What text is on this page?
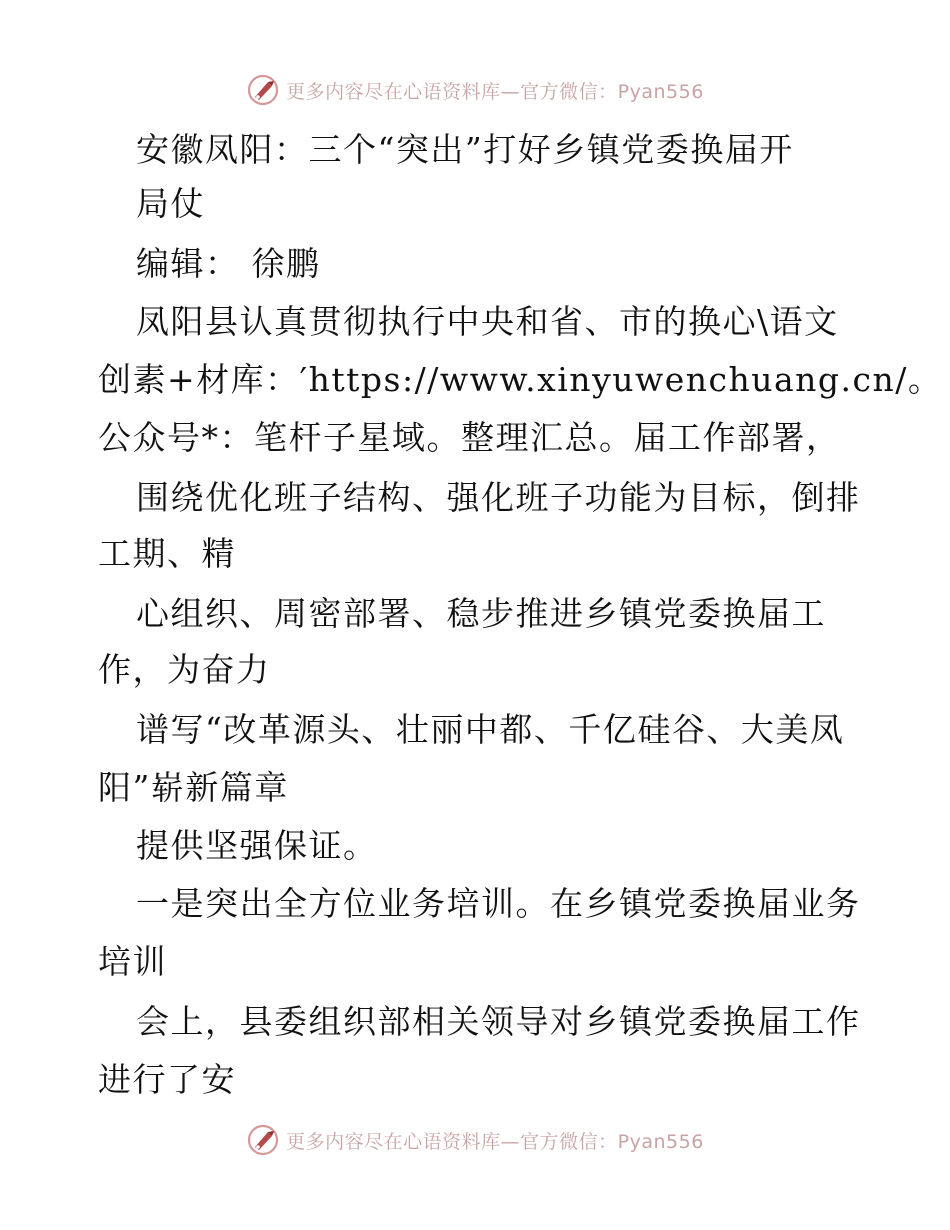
更多内容尽在心语资料库—官方微信：Pyan556
安徽凤阳：三个“突出”打好乡镇党委换届开
局仗
编辑： 徐鹏
凤阳县认真贯彻执行中央和省、市的换心\语文
创素+材库：′https://www.xinyuwenchuang.cn/。
公众号*：笔杆子星域。整理汇总。届工作部署，
围绕优化班子结构、强化班子功能为目标，倒排
工期、精
心组织、周密部署、稳步推进乡镇党委换届工
作，为奋力
谱写“改革源头、壮丽中都、千亿硅谷、大美凤
阳”崭新篇章
提供坚强保证。
一是突出全方位业务培训。在乡镇党委换届业务
培训
会上，县委组织部相关领导对乡镇党委换届工作
进行了安
更多内容尽在心语资料库—官方微信：Pyan556
